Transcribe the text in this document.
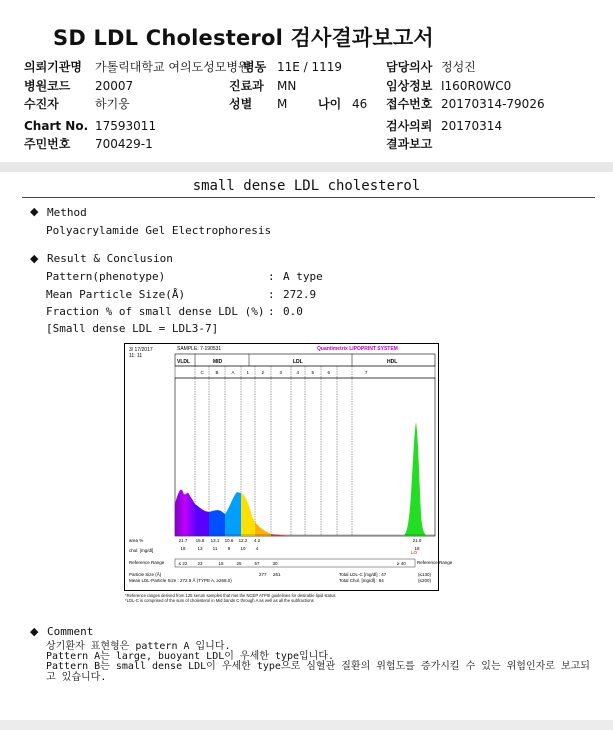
SD LDL Cholesterol 검사결과보고서
의뢰기관명 가톨릭대학교 여의도성모병원
병동 11E / 1119	담당의사 정성진
병원코드 20007	진료과 MN	임상정보 I160R0WC0
수진자	하기웅	성별 M	나이 46 접수번호 20170314-79026
Chart No. 17593011	검사의뢰 20170314
주민번호 700429-1	결과보고
small dense LDL cholesterol
◆ Method
Polyacrylamide Gel Electrophoresis
◆ Result & Conclusion
Pattern(phenotype)	: A type
Mean Particle Size(Å)	: 272.9
Fraction % of small dense LDL (%) : 0.0
[Small dense LDL = LDL3-7]
3/ 17/2017
11: 11
SAMPLE: 7-190531	Quantimetrix LIPOPRINT SYSTEM
VLDL	MID	LDL	HDL
C	B	A	1	2	3	4	5	6	7
area %
chol. [mg/dl]
Reference Range	Reference Range
21.7 15.8 13.1 10.6 12.2 4.2	21.0
18	13 11 9 10 4	18
≤ 22 23	15	25	57	30
LO
≥ 40
Particle Size (Å)	277 261
Mean LDL-Particle Size : 272.9 Å (TYPE A, ≥268.0)
Total LDL-C [mg/dl] : 47	(≤130)
Total Chol. [mg/dl] : 84	(≤200)
*Reference ranges derived from 125 serum samples that met the NCEP ATPIII guidelines for desirable lipid status
*LDL-C is comprised of the sum of cholesterol in Mid bands C through A as well as all the subfractions
◆ Comment
상기환자 표현형은 pattern A 입니다.
Pattern A는 large, buoyant LDL이 우세한 type입니다.
Pattern B는 small dense LDL이 우세한 type으로 심혈관 질환의 위험도를 증가시킬 수 있는 위험인자로 보고되
고 있습니다.
